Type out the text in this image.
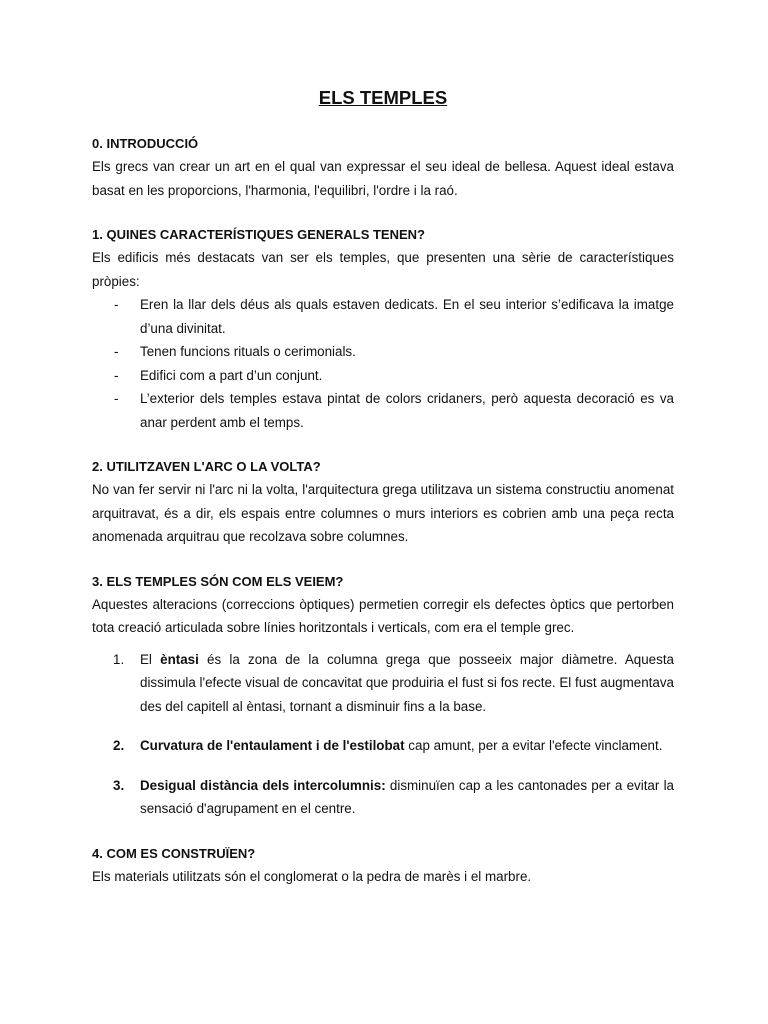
ELS TEMPLES
0. INTRODUCCIÓ

Els grecs van crear un art en el qual van expressar el seu ideal de bellesa. Aquest ideal estava basat en les proporcions, l'harmonia, l'equilibri, l'ordre i la raó.

1. QUINES CARACTERÍSTIQUES GENERALS TENEN?

Els edificis més destacats van ser els temples, que presenten una sèrie de característiques pròpies:

- Eren la llar dels déus als quals estaven dedicats. En el seu interior s’edificava la imatge d’una divinitat.
- Tenen funcions rituals o cerimonials.
- Edifici com a part d’un conjunt.
- L’exterior dels temples estava pintat de colors cridaners, però aquesta decoració es va anar perdent amb el temps.
2. UTILITZAVEN L'ARC O LA VOLTA?

No van fer servir ni l'arc ni la volta, l'arquitectura grega utilitzava un sistema constructiu anomenat arquitravat, és a dir, els espais entre columnes o murs interiors es cobrien amb una peça recta anomenada arquitrau que recolzava sobre columnes.

3. ELS TEMPLES SÓN COM ELS VEIEM?

Aquestes alteracions (correccions òptiques) permetien corregir els defectes òptics que pertorben tota creació articulada sobre línies horitzontals i verticals, com era el temple grec.

1. El èntasi és la zona de la columna grega que posseeix major diàmetre. Aquesta dissimula l'efecte visual de concavitat que produiria el fust si fos recte. El fust augmentava des del capitell al èntasi, tornant a disminuir fins a la base.
2. Curvatura de l'entaulament i de l'estilobat cap amunt, per a evitar l'efecte vinclament.
3. Desigual distància dels intercolumnis: disminuïen cap a les cantonades per a evitar la sensació d'agrupament en el centre.
4. COM ES CONSTRUÏEN?

Els materials utilitzats són el conglomerat o la pedra de marès i el marbre.
